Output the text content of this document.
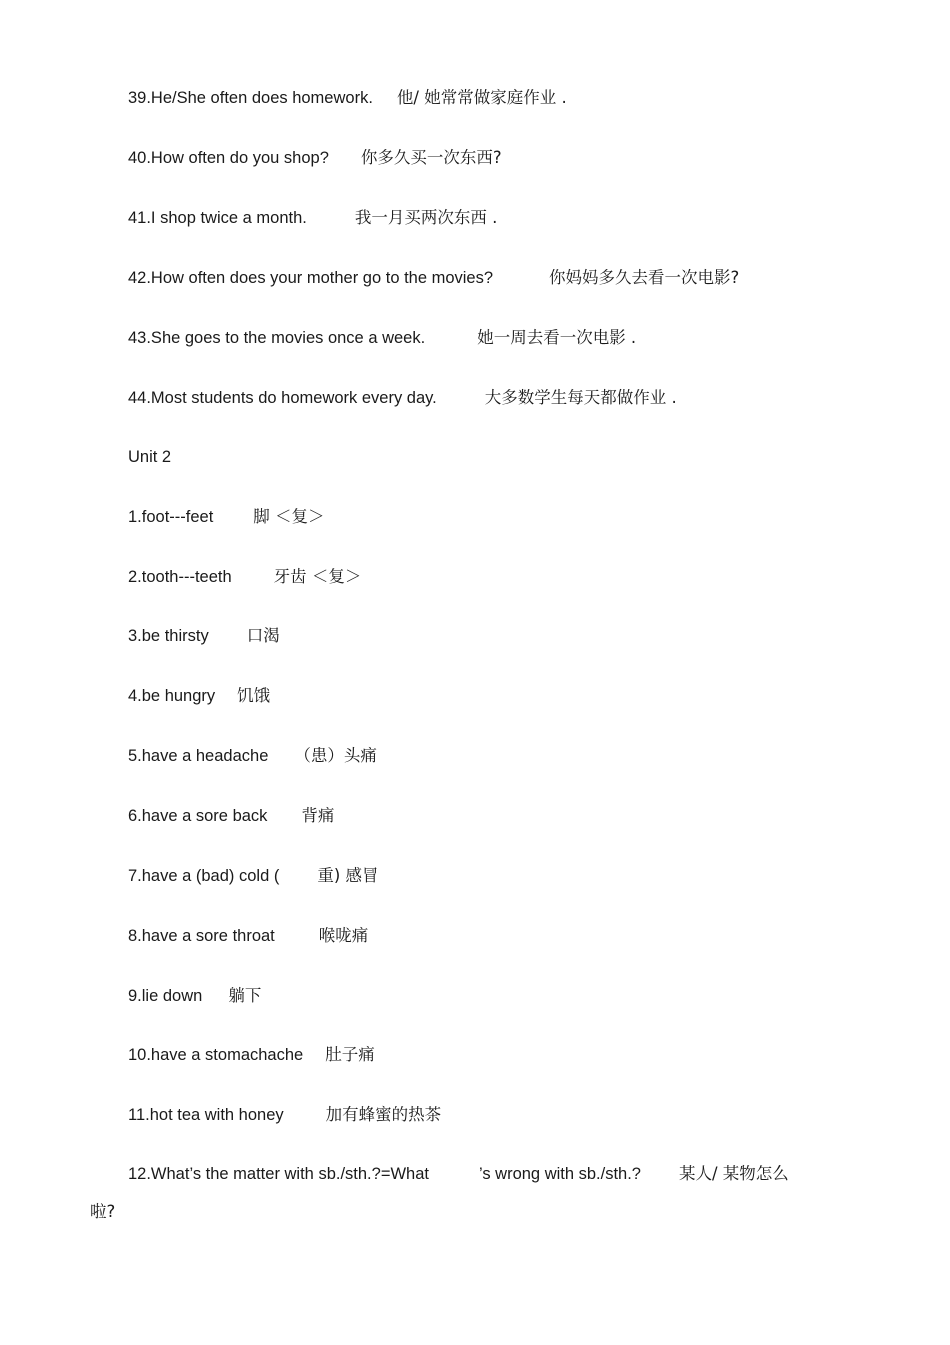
39.He/She often does homework. 他/ 她常常做家庭作业 .
40.How often do you shop? 你多久买一次东西?
41.I shop twice a month.	我一月买两次东西 .
42.How often does your mother go to the movies?	你妈妈多久去看一次电影?
43.She goes to the movies once a week.	她一周去看一次电影 .
44.Most students do homework every day.	大多数学生每天都做作业 .
Unit 2
1.foot---feet 脚 ＜复＞
2.tooth---teeth	牙齿 ＜复＞
3.be thirsty 口渴
4.be hungry 饥饿
5.have a headache （患）头痛
6.have a sore back 背痛
7.have a (bad) cold ( 重) 感冒
8.have a sore throat	喉咙痛
9.lie down 躺下
10.have a stomachache 肚子痛
11.hot tea with honey	加有蜂蜜的热茶
12.What’s the matter with sb./sth.?=What	’s wrong with sb./sth.? 某人/ 某物怎么
啦?
